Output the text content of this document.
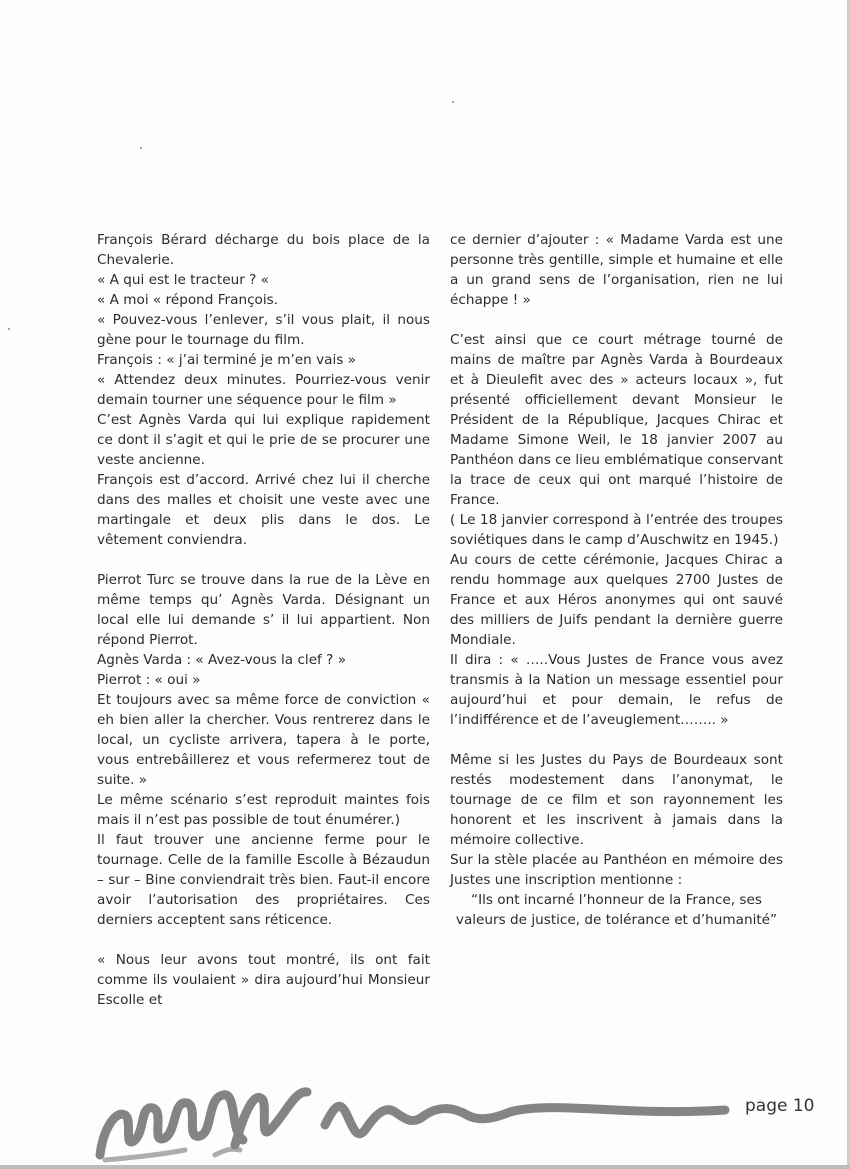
François Bérard décharge du bois place de la Chevalerie.

« A qui est le tracteur ? «

« A moi « répond François.

« Pouvez-vous l’enlever, s’il vous plait, il nous gène pour le tournage du film.

François : « j’ai terminé je m’en vais »

« Attendez deux minutes. Pourriez-vous venir demain tourner une séquence pour le film »

C’est Agnès Varda qui lui explique rapidement ce dont il s’agit et qui le prie de se procurer une veste ancienne.

François est d’accord. Arrivé chez lui il cherche dans des malles et choisit une veste avec une martingale et deux plis dans le dos. Le vêtement conviendra.

Pierrot Turc se trouve dans la rue de la Lève en même temps qu’ Agnès Varda. Désignant un local elle lui demande s’ il lui appartient. Non répond Pierrot.

Agnès Varda : « Avez-vous la clef ? »

Pierrot : « oui »

Et toujours avec sa même force de conviction « eh bien aller la chercher. Vous rentrerez dans le local, un cycliste arrivera, tapera à le porte, vous entrebâillerez et vous refermerez tout de suite. »

Le même scénario s’est reproduit maintes fois mais il n’est pas possible de tout énumérer.)

Il faut trouver une ancienne ferme pour le tournage. Celle de la famille Escolle à Bézaudun – sur – Bine conviendrait très bien. Faut-il encore avoir l’autorisation des propriétaires. Ces derniers acceptent sans réticence.

« Nous leur avons tout montré, ils ont fait comme ils voulaient » dira aujourd’hui Monsieur Escolle et

ce dernier d’ajouter : « Madame Varda est une personne très gentille, simple et humaine et elle a un grand sens de l’organisation, rien ne lui échappe ! »

C’est ainsi que ce court métrage tourné de mains de maître par Agnès Varda à Bourdeaux et à Dieulefit avec des » acteurs locaux », fut présenté officiellement devant Monsieur le Président de la République, Jacques Chirac et Madame Simone Weil, le 18 janvier 2007 au Panthéon dans ce lieu emblématique conservant la trace de ceux qui ont marqué l’histoire de France.

( Le 18 janvier correspond à l’entrée des troupes soviétiques dans le camp d’Auschwitz en 1945.)

Au cours de cette cérémonie, Jacques Chirac a rendu hommage aux quelques 2700 Justes de France et aux Héros anonymes qui ont sauvé des milliers de Juifs pendant la dernière guerre Mondiale.

Il dira : « …..Vous Justes de France vous avez transmis à la Nation un message essentiel pour aujourd’hui et pour demain, le refus de l’indifférence et de l’aveuglement…….. »

Même si les Justes du Pays de Bourdeaux sont restés modestement dans l’anonymat, le tournage de ce film et son rayonnement les honorent et les inscrivent à jamais dans la mémoire collective.

Sur la stèle placée au Panthéon en mémoire des Justes une inscription mentionne :

“Ils ont incarné l’honneur de la France, ses
valeurs de justice, de tolérance et d’humanité”
page 10
